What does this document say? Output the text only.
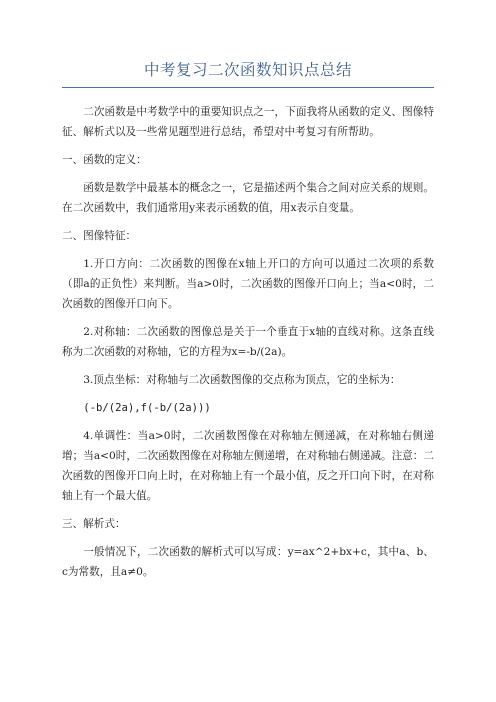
中考复习二次函数知识点总结

二次函数是中考数学中的重要知识点之一，下面我将从函数的定义、图像特征、解析式以及一些常见题型进行总结，希望对中考复习有所帮助。

一、函数的定义：

函数是数学中最基本的概念之一，它是描述两个集合之间对应关系的规则。在二次函数中，我们通常用y来表示函数的值，用x表示自变量。

二、图像特征：

1.开口方向：二次函数的图像在x轴上开口的方向可以通过二次项的系数（即a的正负性）来判断。当a>0时，二次函数的图像开口向上；当a<0时，二次函数的图像开口向下。

2.对称轴：二次函数的图像总是关于一个垂直于x轴的直线对称。这条直线称为二次函数的对称轴，它的方程为x=-b/(2a)。

3.顶点坐标：对称轴与二次函数图像的交点称为顶点，它的坐标为：

(-b/(2a),f(-b/(2a)))

4.单调性：当a>0时，二次函数图像在对称轴左侧递减，在对称轴右侧递增；当a<0时，二次函数图像在对称轴左侧递增，在对称轴右侧递减。注意：二次函数的图像开口向上时，在对称轴上有一个最小值，反之开口向下时，在对称轴上有一个最大值。

三、解析式：

一般情况下，二次函数的解析式可以写成：y=ax^2+bx+c，其中a、b、c为常数，且a≠0。
